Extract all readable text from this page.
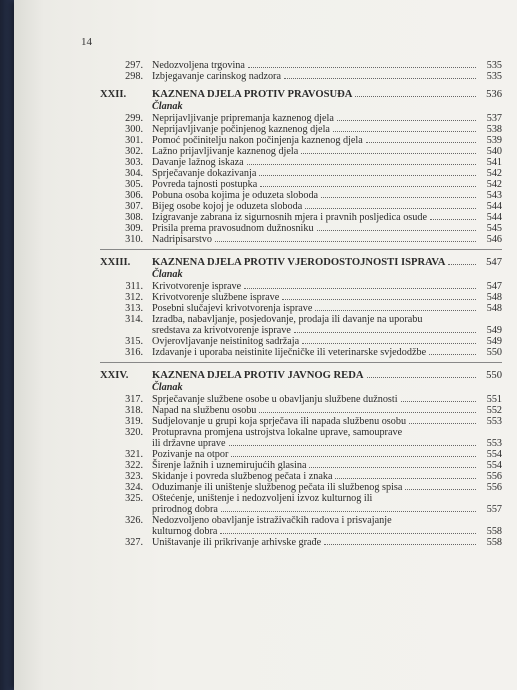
14
297. Nedozvoljena trgovina	535
298. Izbjegavanje carinskog nadzora	535
XXII.	KAZNENA DJELA PROTIV PRAVOSUĐA	536
Članak
299. Neprijavljivanje pripremanja kaznenog djela	537
300. Neprijavljivanje počinjenog kaznenog djela	538
301. Pomoć počinitelju nakon počinjenja kaznenog djela	539
302. Lažno prijavljivanje kaznenog djela	540
303. Davanje lažnog iskaza	541
304. Sprječavanje dokazivanja	542
305. Povreda tajnosti postupka	542
306. Pobuna osoba kojima je oduzeta sloboda	543
307. Bijeg osobe kojoj je oduzeta sloboda	544
308. Izigravanje zabrana iz sigurnosnih mjera i pravnih posljedica osude	544
309. Prisila prema pravosudnom dužnosniku	545
310. Nadripisarstvo	546
XXIII.	KAZNENA DJELA PROTIV VJERODOSTOJNOSTI ISPRAVA	547
Članak
311. Krivotvorenje isprave	547
312. Krivotvorenje službene isprave	548
313. Posebni slučajevi krivotvorenja isprave	548
314. Izradba, nabavljanje, posjedovanje, prodaja ili davanje na uporabu
sredstava za krivotvorenje isprave	549
315. Ovjerovljavanje neistinitog sadržaja	549
316. Izdavanje i uporaba neistinite liječničke ili veterinarske svjedodžbe	550
XXIV.	KAZNENA DJELA PROTIV JAVNOG REDA	550
Članak
317. Sprječavanje službene osobe u obavljanju službene dužnosti	551
318. Napad na službenu osobu	552
319. Sudjelovanje u grupi koja sprječava ili napada službenu osobu	553
320. Protupravna promjena ustrojstva lokalne uprave, samouprave
ili državne uprave	553
321. Pozivanje na otpor	554
322. Širenje lažnih i uznemirujućih glasina	554
323. Skidanje i povreda službenog pečata i znaka	556
324. Oduzimanje ili uništenje službenog pečata ili službenog spisa	556
325. Oštećenje, uništenje i nedozvoljeni izvoz kulturnog ili
prirodnog dobra	557
326. Nedozvoljeno obavljanje istraživačkih radova i prisvajanje
kulturnog dobra	558
327. Uništavanje ili prikrivanje arhivske građe	558
